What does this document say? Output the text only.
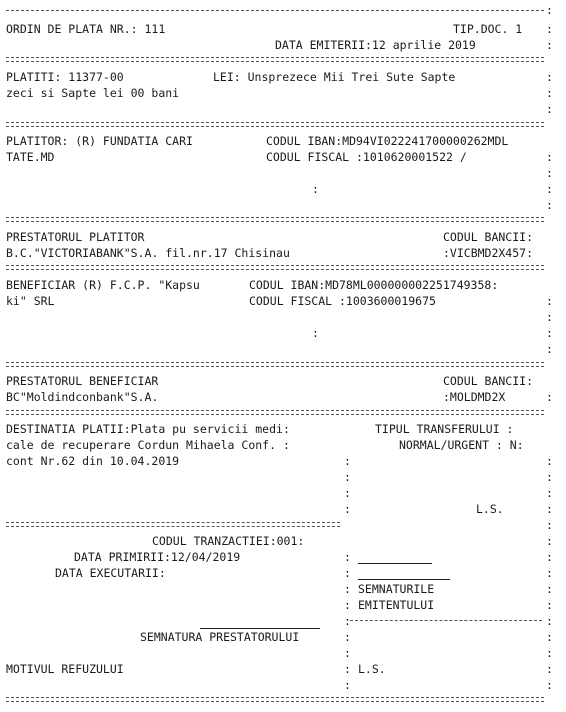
:
ORDIN DE PLATA NR.: 111	TIP.DOC. 1 :
DATA EMITERII:12 aprilie 2019	:
PLATITI: 11377-00	LEI: Unsprezece Mii Trei Sute Sapte	:
zeci si Sapte lei 00 bani	:
:
PLATITOR: (R) FUNDATIA CARI	CODUL IBAN:MD94VI022241700000262MDL
TATE.MD	CODUL FISCAL :1010620001522 /	:
:
:	:
:
PRESTATORUL PLATITOR	CODUL BANCII:
B.C."VICTORIABANK"S.A. fil.nr.17 Chisinau	:VICBMD2X457:
BENEFICIAR (R) F.C.P. "Kapsu	CODUL IBAN:MD78ML000000002251749358:
ki" SRL	CODUL FISCAL :1003600019675	:
:
:	:
:
PRESTATORUL BENEFICIAR	CODUL BANCII:
BC"Moldindconbank"S.A.	:MOLDMD2X	:
DESTINATIA PLATII:Plata pu servicii medi:	TIPUL TRANSFERULUI :
cale de recuperare Cordun Mihaela Conf. :	NORMAL/URGENT : N:
cont Nr.62 din 10.04.2019	:	:
:	:
:	:
:	L.S.	:
:
CODUL TRANZACTIEI:001:	:
DATA PRIMIRII:12/04/2019	:	:
DATA EXECUTARII:	:	:
: SEMNATURILE	:
: EMITENTULUI	:
:	:
SEMNATURA PRESTATORULUI	:	:
:	:
MOTIVUL REFUZULUI	: L.S.	:
:	:
